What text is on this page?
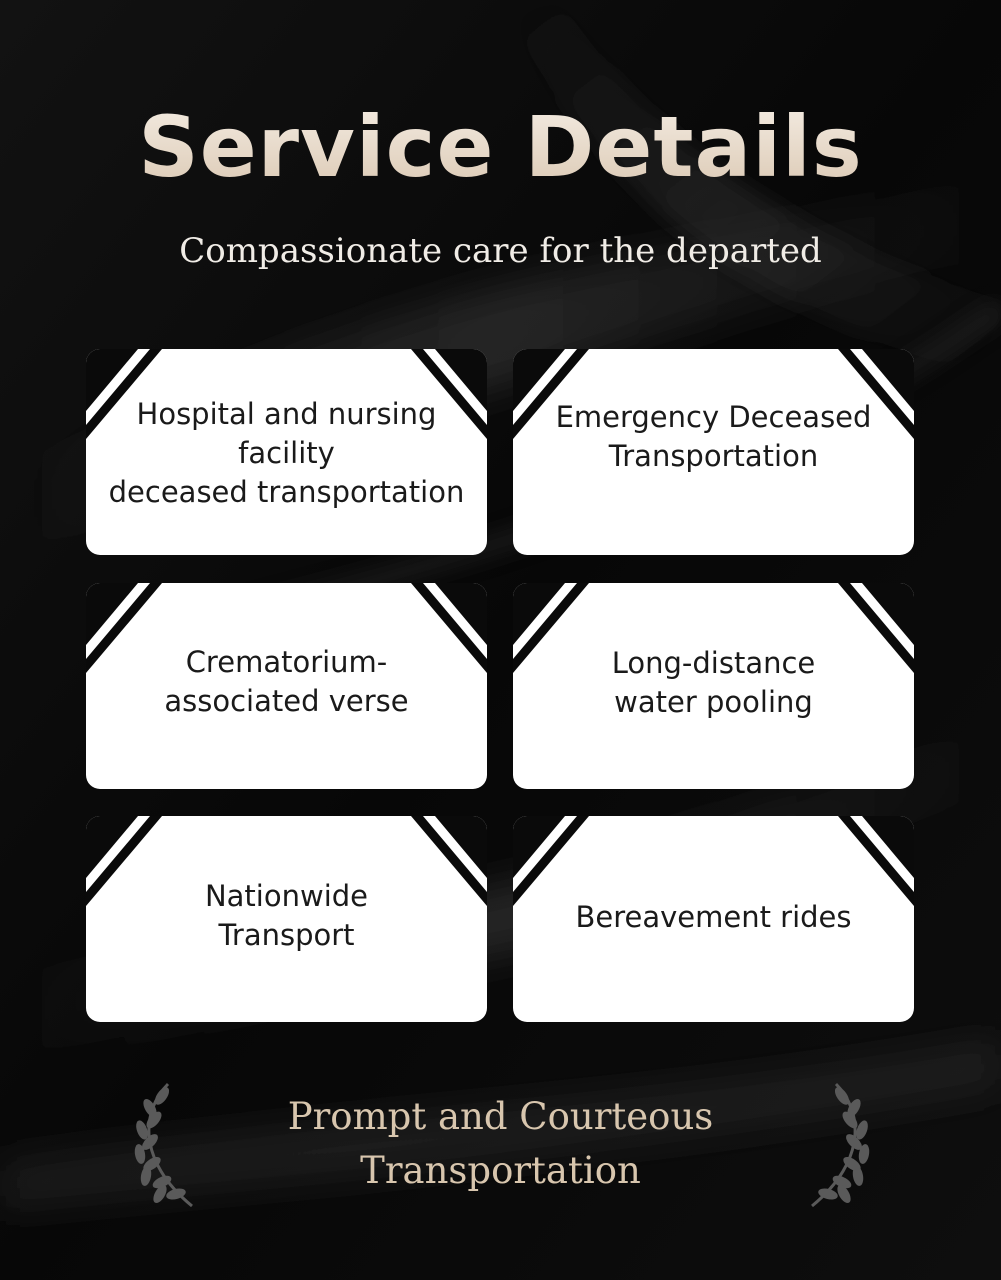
Service Details
Compassionate care for the departed
Hospital and nursing facility
deceased transportation
Emergency Deceased Transportation
Crematorium-
associated verse
Long-distance
water pooling
Nationwide
Transport
Bereavement rides
Prompt and Courteous
Transportation
